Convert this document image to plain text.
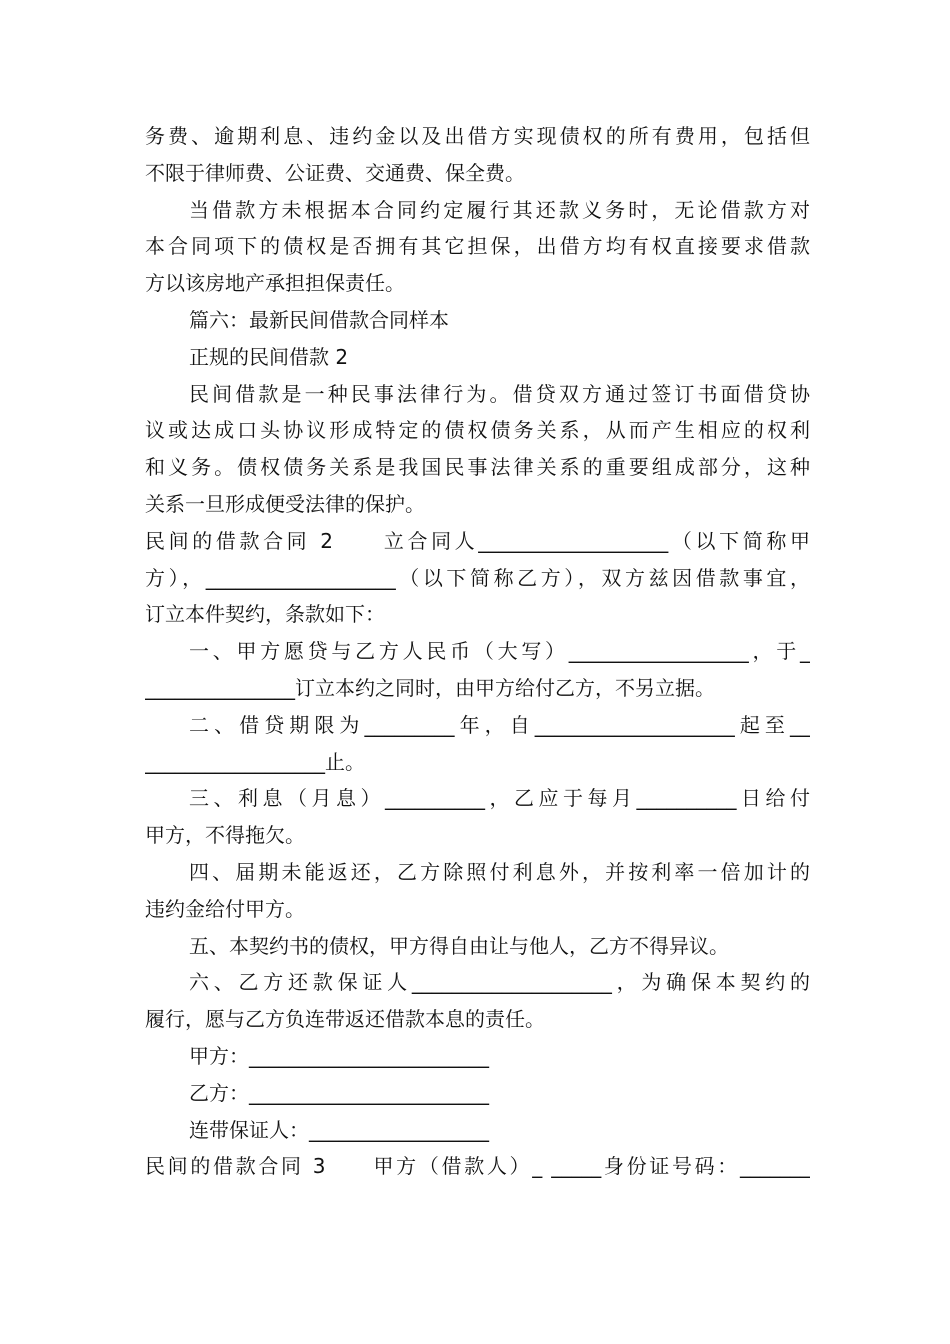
务费、逾期利息、违约金以及出借方实现债权的所有费用，包括但
不限于律师费、公证费、交通费、保全费。
当借款方未根据本合同约定履行其还款义务时，无论借款方对
本合同项下的债权是否拥有其它担保，出借方均有权直接要求借款
方以该房地产承担担保责任。
篇六：最新民间借款合同样本
正规的民间借款 2
民间借款是一种民事法律行为。借贷双方通过签订书面借贷协
议或达成口头协议形成特定的债权债务关系，从而产生相应的权利
和义务。债权债务关系是我国民事法律关系的重要组成部分，这种
关系一旦形成便受法律的保护。
民间的借款合同 2　　立合同人___________________（以下简称甲
方），___________________（以下简称乙方），双方兹因借款事宜，
订立本件契约，条款如下：
一、甲方愿贷与乙方人民币（大写）__________________，于_
_______________订立本约之同时，由甲方给付乙方，不另立据。
二、借贷期限为_________年，自____________________起至__
__________________止。
三、利息（月息）__________，乙应于每月__________日给付
甲方，不得拖欠。
四、届期未能返还，乙方除照付利息外，并按利率一倍加计的
违约金给付甲方。
五、本契约书的债权，甲方得自由让与他人，乙方不得异议。
六、乙方还款保证人____________________，为确保本契约的
履行，愿与乙方负连带返还借款本息的责任。
甲方：________________________
乙方：________________________
连带保证人：__________________
民间的借款合同 3　　甲方（借款人）_ _____身份证号码：_______
